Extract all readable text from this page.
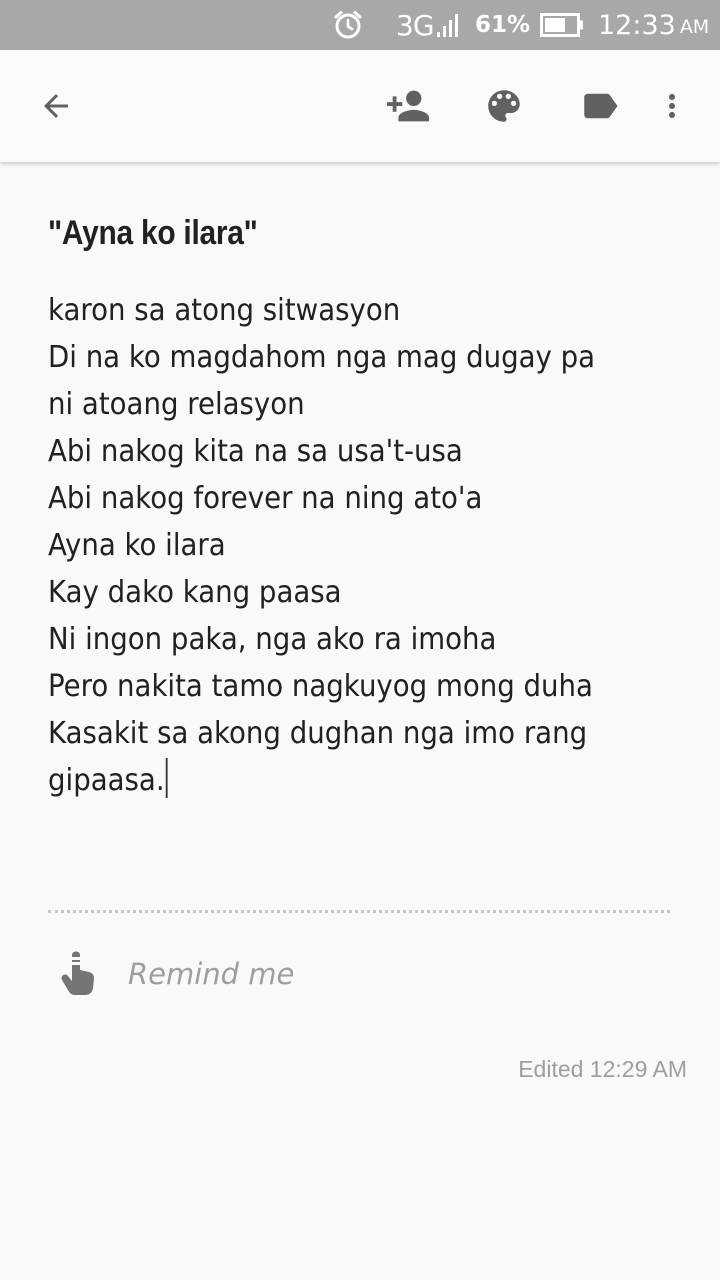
3G 61%	12:33 AM
"Ayna ko ilara"
karon sa atong sitwasyon
Di na ko magdahom nga mag dugay pa
ni atoang relasyon
Abi nakog kita na sa usa't-usa
Abi nakog forever na ning ato'a
Ayna ko ilara
Kay dako kang paasa
Ni ingon paka, nga ako ra imoha
Pero nakita tamo nagkuyog mong duha
Kasakit sa akong dughan nga imo rang
gipaasa.
Remind me
Edited 12:29 AM
